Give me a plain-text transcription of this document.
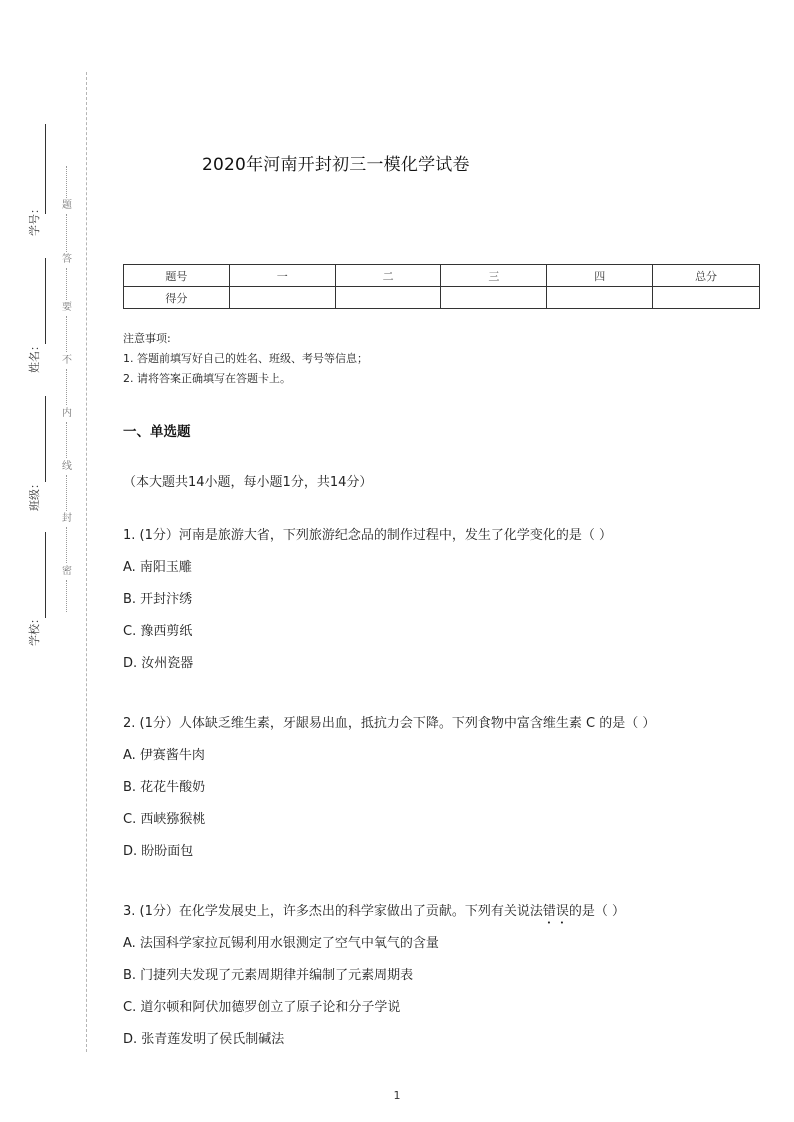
题
答
要
不
内
线
封
密
学号：
姓名：
班级：
学校：
2020年河南开封初三一模化学试卷
题号	一	二	三	四	总分
得分					
注意事项:
1. 答题前填写好自己的姓名、班级、考号等信息；
2. 请将答案正确填写在答题卡上。
一、单选题
（本大题共14小题，每小题1分，共14分）
1. (1分）河南是旅游大省，下列旅游纪念品的制作过程中，发生了化学变化的是（ ）
A. 南阳玉雕
B. 开封汴绣
C. 豫西剪纸
D. 汝州瓷器
2. (1分）人体缺乏维生素，牙龈易出血，抵抗力会下降。下列食物中富含维生素 C 的是（ ）
A. 伊赛酱牛肉
B. 花花牛酸奶
C. 西峡猕猴桃
D. 盼盼面包
3. (1分）在化学发展史上，许多杰出的科学家做出了贡献。下列有关说法错误的是（ ）
A. 法国科学家拉瓦锡利用水银测定了空气中氧气的含量
B. 门捷列夫发现了元素周期律并编制了元素周期表
C. 道尔顿和阿伏加德罗创立了原子论和分子学说
D. 张青莲发明了侯氏制碱法
1
